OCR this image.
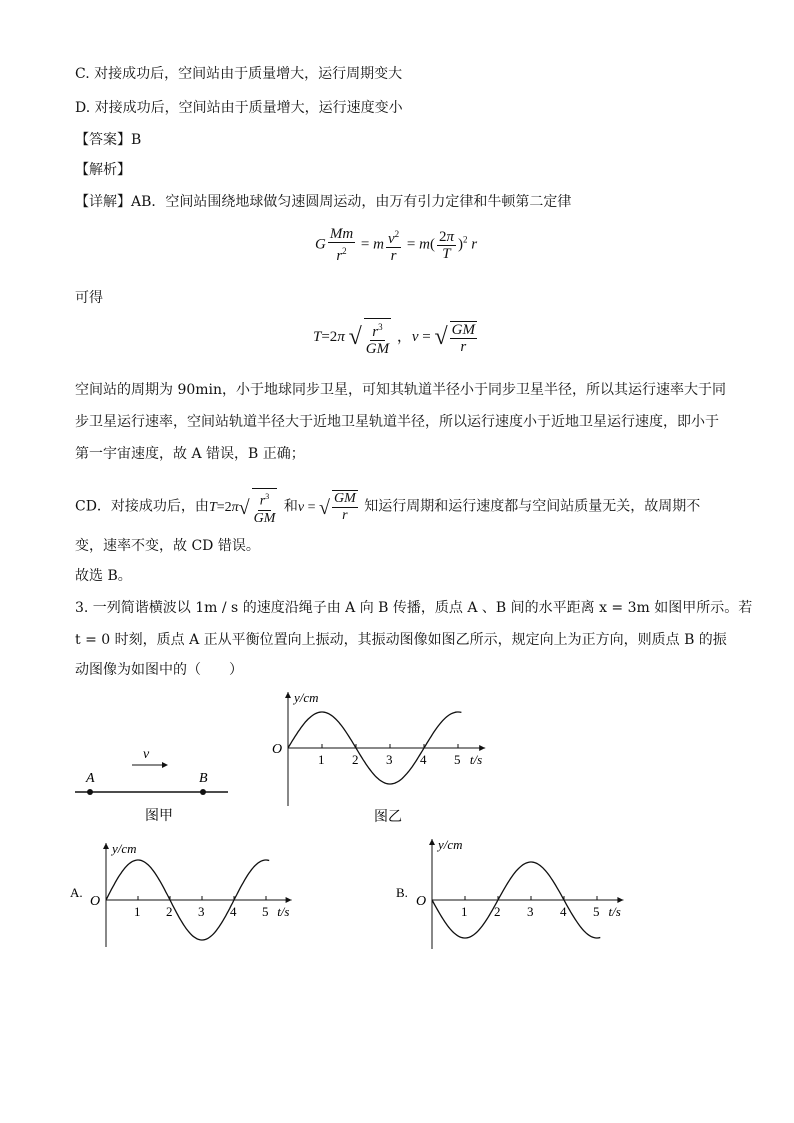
C. 对接成功后，空间站由于质量增大，运行周期变大
D. 对接成功后，空间站由于质量增大，运行速度变小
【答案】B
【解析】
【详解】AB．空间站围绕地球做匀速圆周运动，由万有引力定律和牛顿第二定律
G $\frac{Mm}{r^2} = m \frac{v^2}{r} = m( \frac{2\pi}{T} )^2$ r
可得
T=2π √ $\frac{r^3}{GM}$ ，v = √ $\frac{GM}{r}$
空间站的周期为 90min，小于地球同步卫星，可知其轨道半径小于同步卫星半径，所以其运行速率大于同
步卫星运行速率，空间站轨道半径大于近地卫星轨道半径，所以运行速度小于近地卫星运行速度，即小于
第一宇宙速度，故 A 错误，B 正确；
CD．对接成功后，由$T=2\pi√ \frac{r^3}{GM}$ 和v = √ $\frac{GM}{r}$ 知运行周期和运行速度都与空间站质量无关，故周期不
变，速率不变，故 CD 错误。
故选 B。
3. 一列简谐横波以 1m / s 的速度沿绳子由 A 向 B 传播，质点 A 、B 间的水平距离 x = 3m 如图甲所示。若
t = 0 时刻，质点 A 正从平衡位置向上振动，其振动图像如图乙所示，规定向上为正方向，则质点 B 的振
动图像为如图中的（　　）
A	B
v
图甲
y/cm
O
1 2 3 4 5 t/s
图乙
y/cm
O
1 2 3 4 5 t/s
A.
y/cm
O
1 2 3 4 5 t/s
B.
